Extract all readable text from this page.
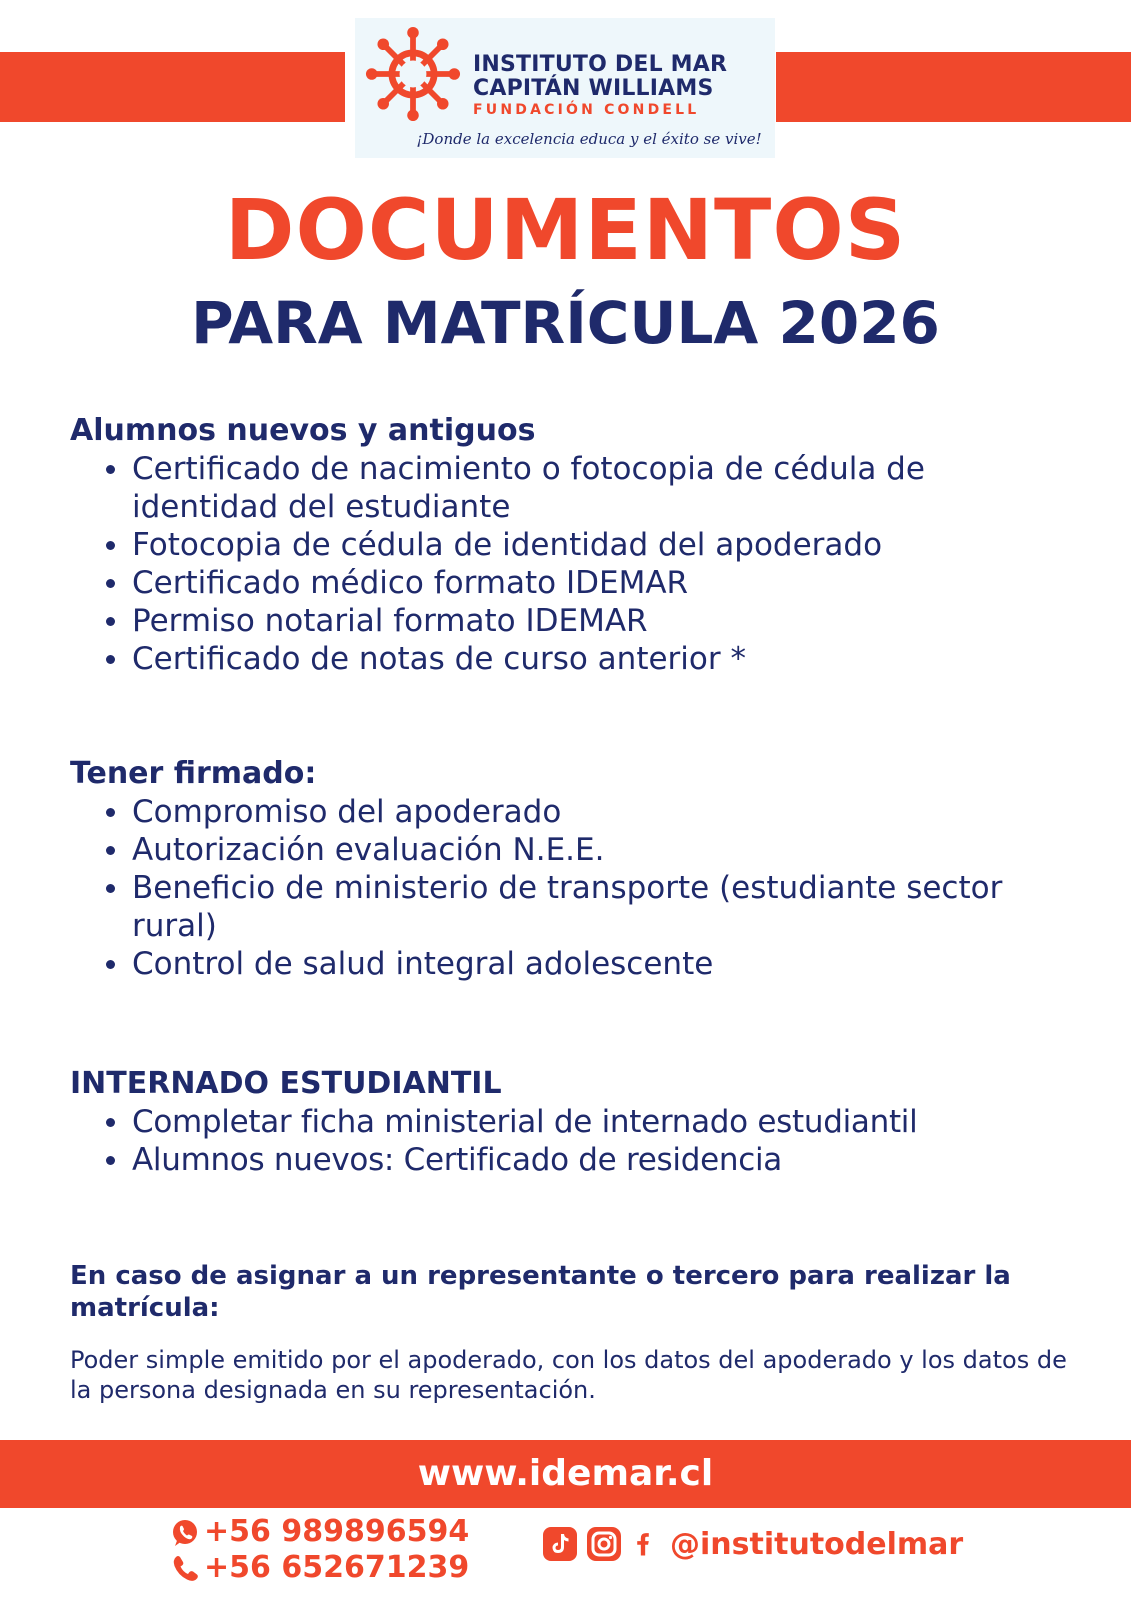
INSTITUTO DEL MAR
CAPITÁN WILLIAMS
FUNDACIÓN CONDELL
¡Donde la excelencia educa y el éxito se vive!
DOCUMENTOS
PARA MATRÍCULA 2026
Alumnos nuevos y antiguos
Certificado de nacimiento o fotocopia de cédula de identidad del estudiante
Fotocopia de cédula de identidad del apoderado
Certificado médico formato IDEMAR
Permiso notarial formato IDEMAR
Certificado de notas de curso anterior *
Tener firmado:
Compromiso del apoderado
Autorización evaluación N.E.E.
Beneficio de ministerio de transporte (estudiante sector rural)
Control de salud integral adolescente
INTERNADO ESTUDIANTIL
Completar ficha ministerial de internado estudiantil
Alumnos nuevos: Certificado de residencia
En caso de asignar a un representante o tercero para realizar la matrícula:
Poder simple emitido por el apoderado, con los datos del apoderado y los datos de la persona designada en su representación.
www.idemar.cl
+56 989896594
+56 652671239
@institutodelmar
